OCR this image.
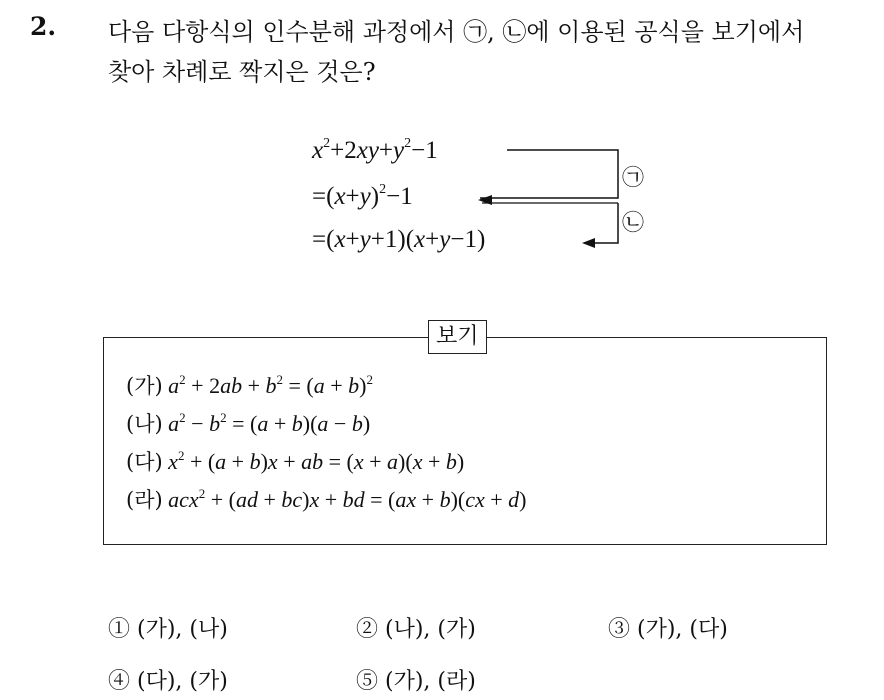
2. 다음 다항식의 인수분해 과정에서 ㉠, ㉡에 이용된 공식을 보기에서
찾아 차례로 짝지은 것은?
$x^2+2xy+y^2-1$
$=(x+y)^2-1$
=(x+y+1)(x+y−1)
㉠
㉡
보기
(가) $a^2 + 2ab + b^2 = (a + b)^2$
(나) $a^2 - b^2 = (a + b)(a - b)$
(다) $x^2 + (a + b)x$ + ab = (x + a)(x + b)
(라) acx$^2$ + (ad + bc)x + bd = (ax + b)(cx + d)
① (가), (나)	② (나), (가)	③ (가), (다)
④ (다), (가)	⑤ (가), (라)
